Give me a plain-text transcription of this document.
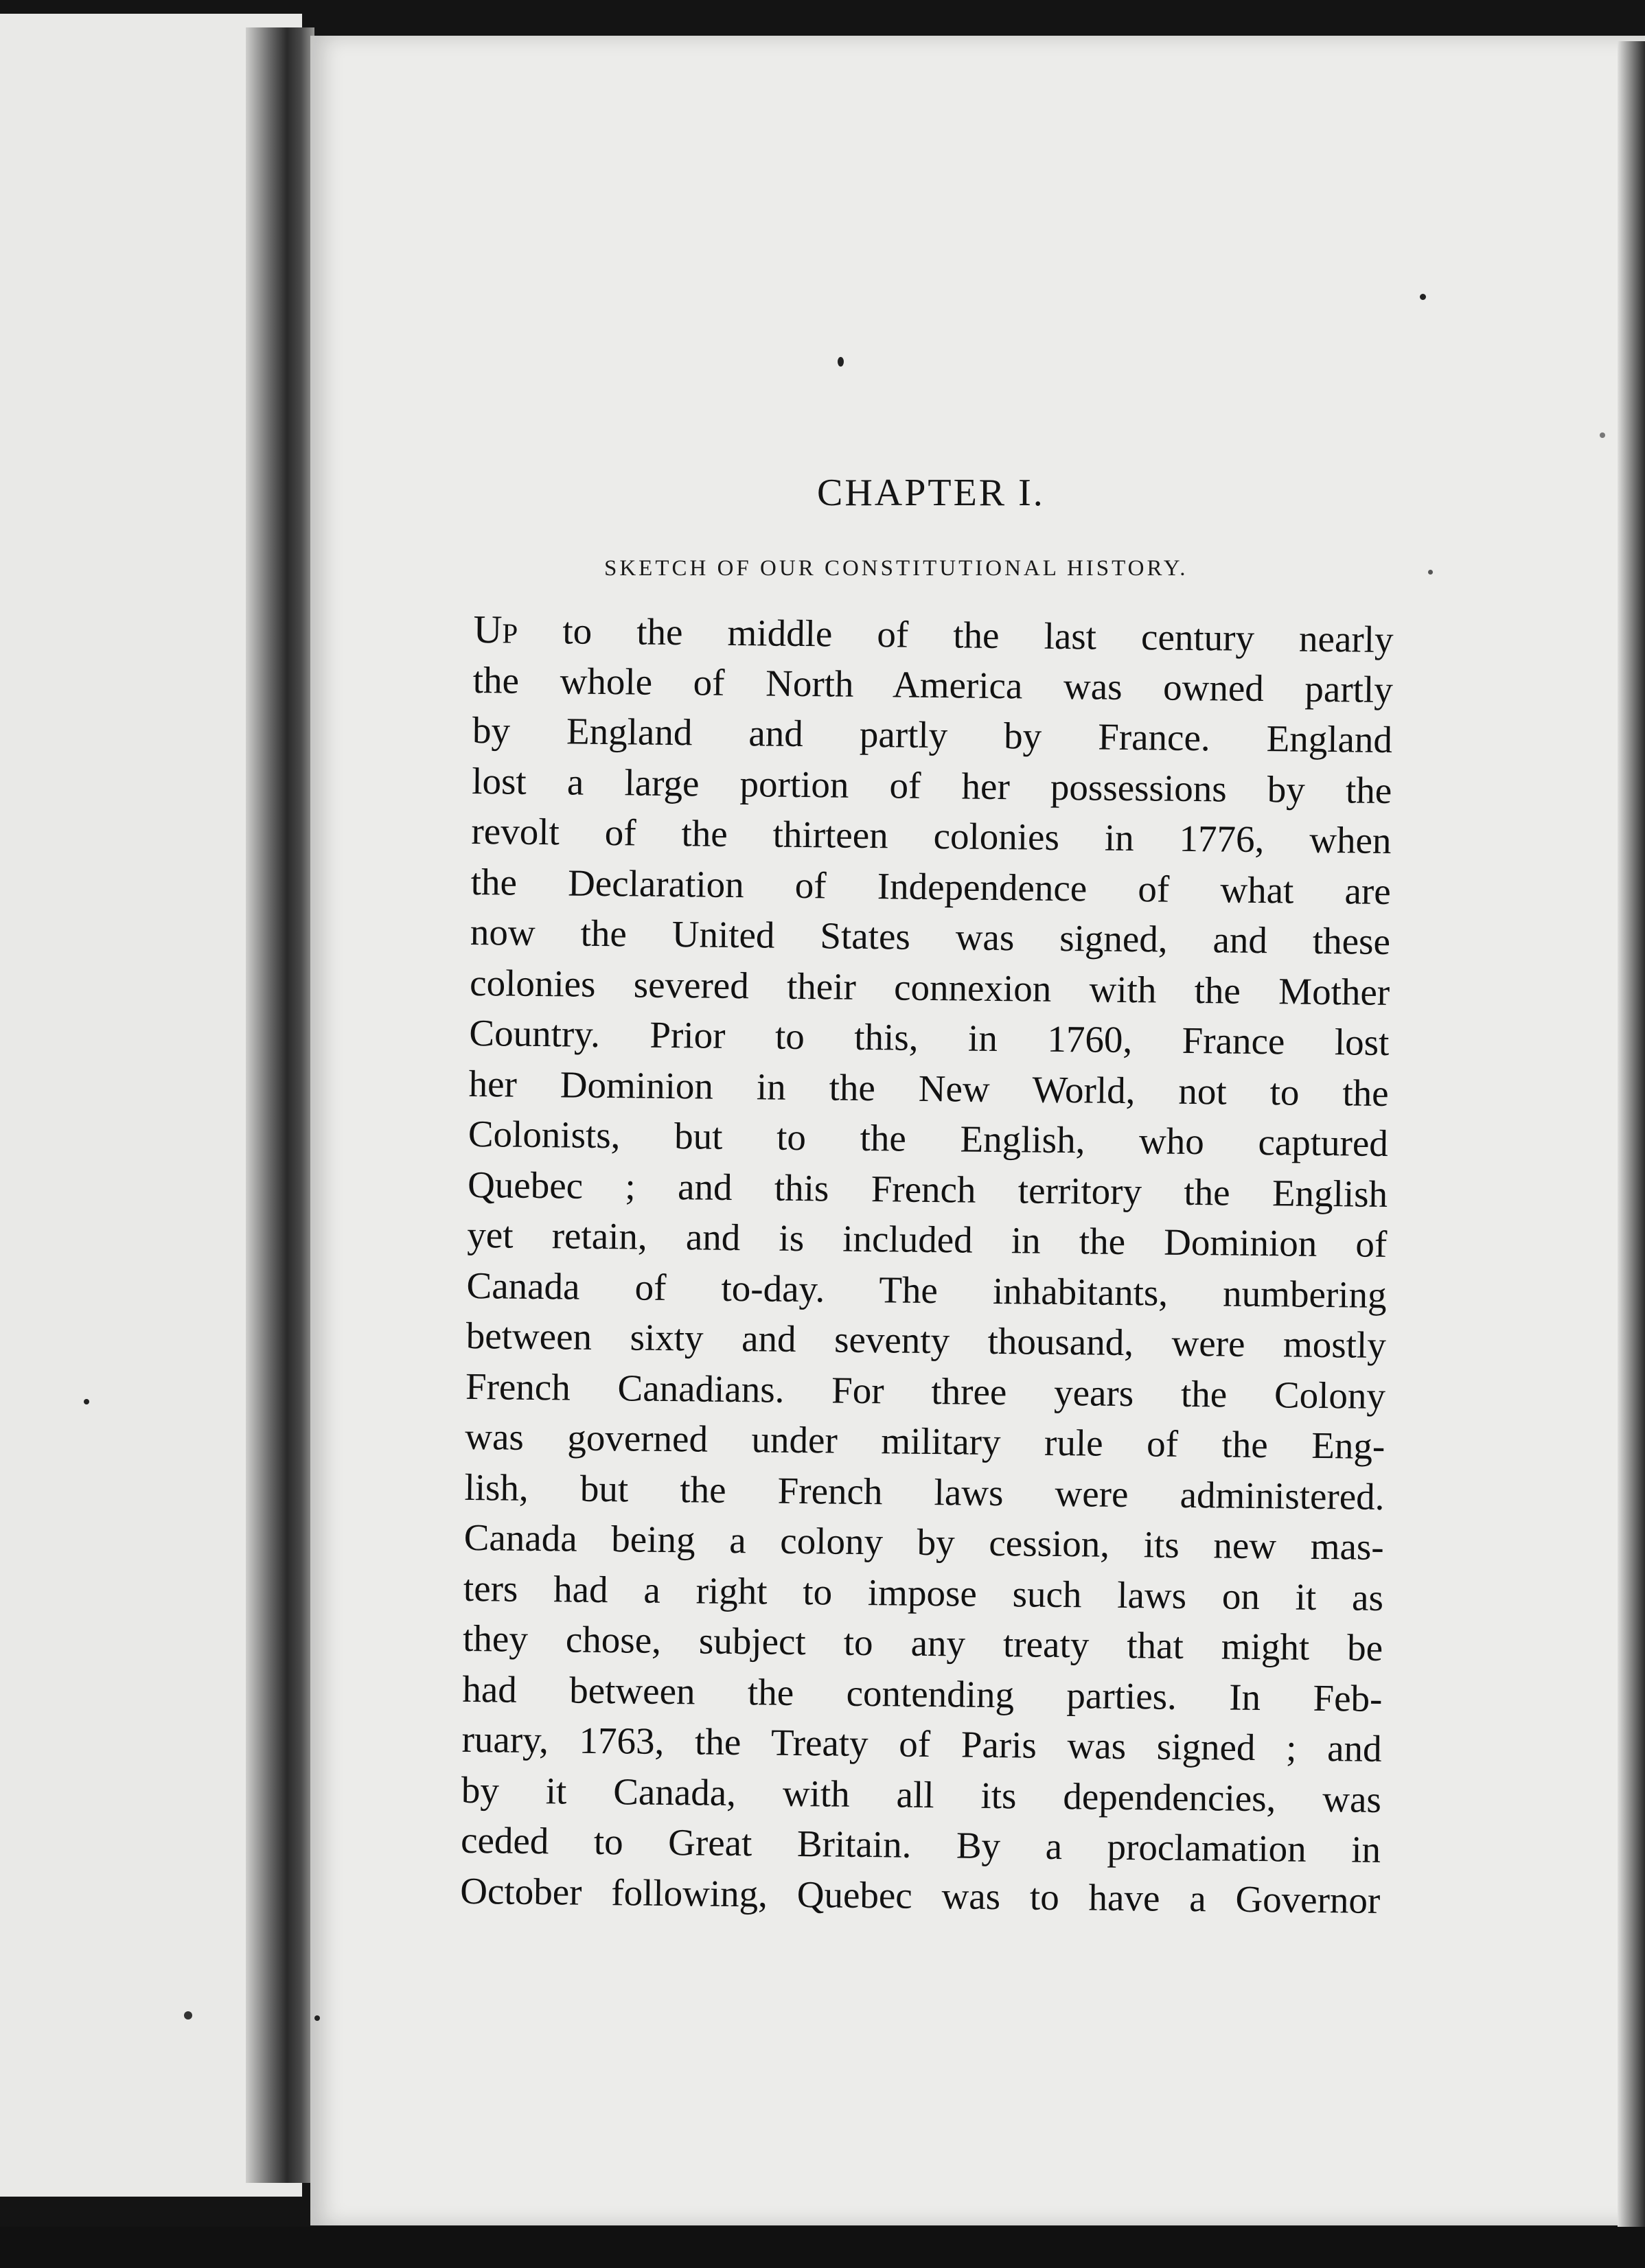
CHAPTER I.
SKETCH OF OUR CONSTITUTIONAL HISTORY.
Up to the middle of the last century nearly
the whole of North America was owned partly
by England and partly by France. England
lost a large portion of her possessions by the
revolt of the thirteen colonies in 1776, when
the Declaration of Independence of what are
now the United States was signed, and these
colonies severed their connexion with the Mother
Country. Prior to this, in 1760, France lost
her Dominion in the New World, not to the
Colonists, but to the English, who captured
Quebec ; and this French territory the English
yet retain, and is included in the Dominion of
Canada of to-day. The inhabitants, numbering
between sixty and seventy thousand, were mostly
French Canadians. For three years the Colony
was governed under military rule of the Eng-
lish, but the French laws were administered.
Canada being a colony by cession, its new mas-
ters had a right to impose such laws on it as
they chose, subject to any treaty that might be
had between the contending parties. In Feb-
ruary, 1763, the Treaty of Paris was signed ; and
by it Canada, with all its dependencies, was
ceded to Great Britain. By a proclamation in
October following, Quebec was to have a Governor
